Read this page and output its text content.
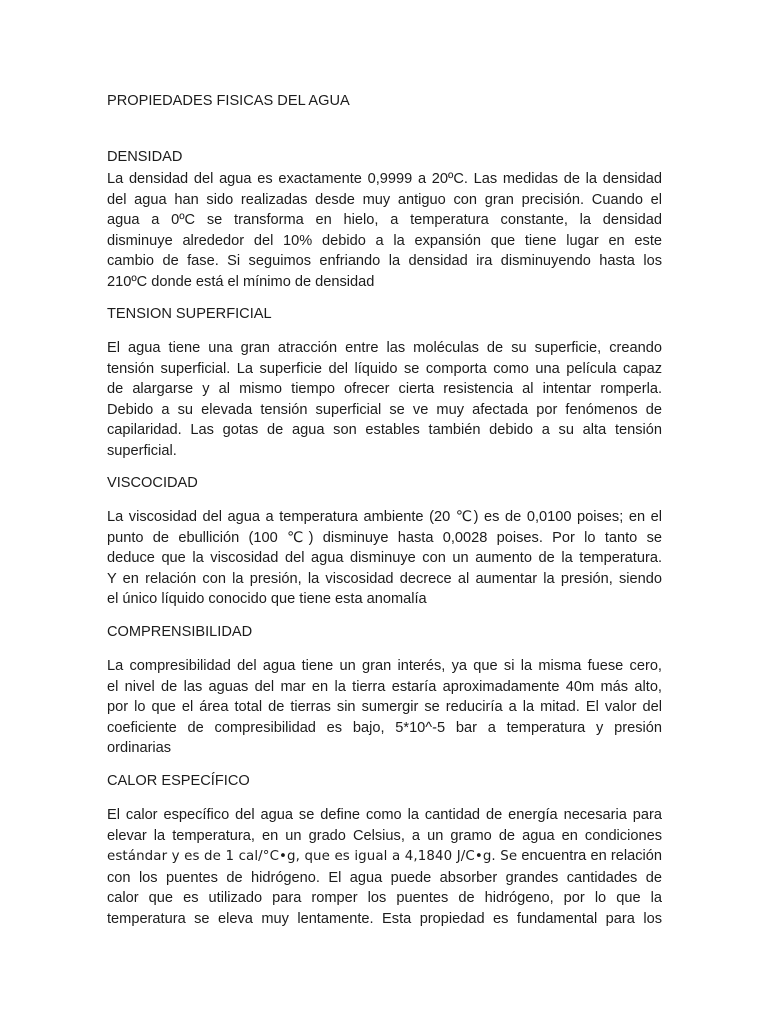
PROPIEDADES FISICAS DEL AGUA
DENSIDAD
La densidad del agua es exactamente 0,9999 a 20ºC. Las medidas de la densidad
del agua han sido realizadas desde muy antiguo con gran precisión. Cuando el
agua a 0ºC se transforma en hielo, a temperatura constante, la densidad
disminuye alrededor del 10% debido a la expansión que tiene lugar en este
cambio de fase. Si seguimos enfriando la densidad ira disminuyendo hasta los
210ºC donde está el mínimo de densidad
TENSION SUPERFICIAL
El agua tiene una gran atracción entre las moléculas de su superficie, creando
tensión superficial. La superficie del líquido se comporta como una película capaz
de alargarse y al mismo tiempo ofrecer cierta resistencia al intentar romperla.
Debido a su elevada tensión superficial se ve muy afectada por fenómenos de
capilaridad. Las gotas de agua son estables también debido a su alta tensión
superficial.
VISCOCIDAD
La viscosidad del agua a temperatura ambiente (20 ℃) es de 0,0100 poises; en el
punto de ebullición (100 ℃) disminuye hasta 0,0028 poises. Por lo tanto se
deduce que la viscosidad del agua disminuye con un aumento de la temperatura.
Y en relación con la presión, la viscosidad decrece al aumentar la presión, siendo
el único líquido conocido que tiene esta anomalía
COMPRENSIBILIDAD
La compresibilidad del agua tiene un gran interés, ya que si la misma fuese cero,
el nivel de las aguas del mar en la tierra estaría aproximadamente 40m más alto,
por lo que el área total de tierras sin sumergir se reduciría a la mitad. El valor del
coeficiente de compresibilidad es bajo, 5*10^-5 bar a temperatura y presión
ordinarias
CALOR ESPECÍFICO
El calor específico del agua se define como la cantidad de energía necesaria para
elevar la temperatura, en un grado Celsius, a un gramo de agua en condiciones
estándar y es de 1 cal/°C•g, que es igual a 4,1840 J/C•g. Se encuentra en relación
con los puentes de hidrógeno. El agua puede absorber grandes cantidades de
calor que es utilizado para romper los puentes de hidrógeno, por lo que la
temperatura se eleva muy lentamente. Esta propiedad es fundamental para los
